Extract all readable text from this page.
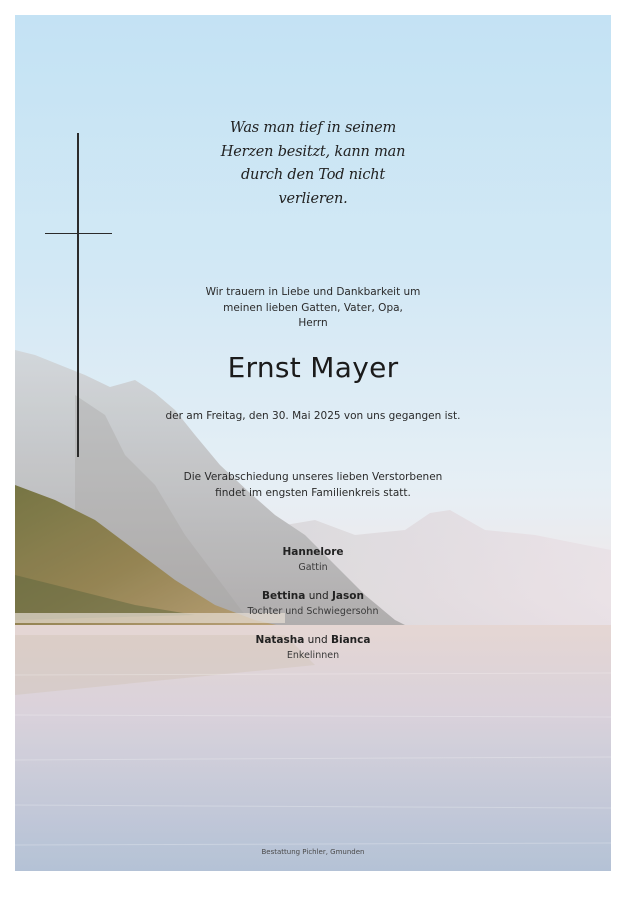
Was man tief in seinem
Herzen besitzt, kann man
durch den Tod nicht
verlieren.
Wir trauern in Liebe und Dankbarkeit um
meinen lieben Gatten, Vater, Opa,
Herrn
Ernst Mayer
der am Freitag, den 30. Mai 2025 von uns gegangen ist.
Die Verabschiedung unseres lieben Verstorbenen
findet im engsten Familienkreis statt.
Hannelore
Gattin
Bettina und Jason
Tochter und Schwiegersohn
Natasha und Bianca
Enkelinnen
Bestattung Pichler, Gmunden
